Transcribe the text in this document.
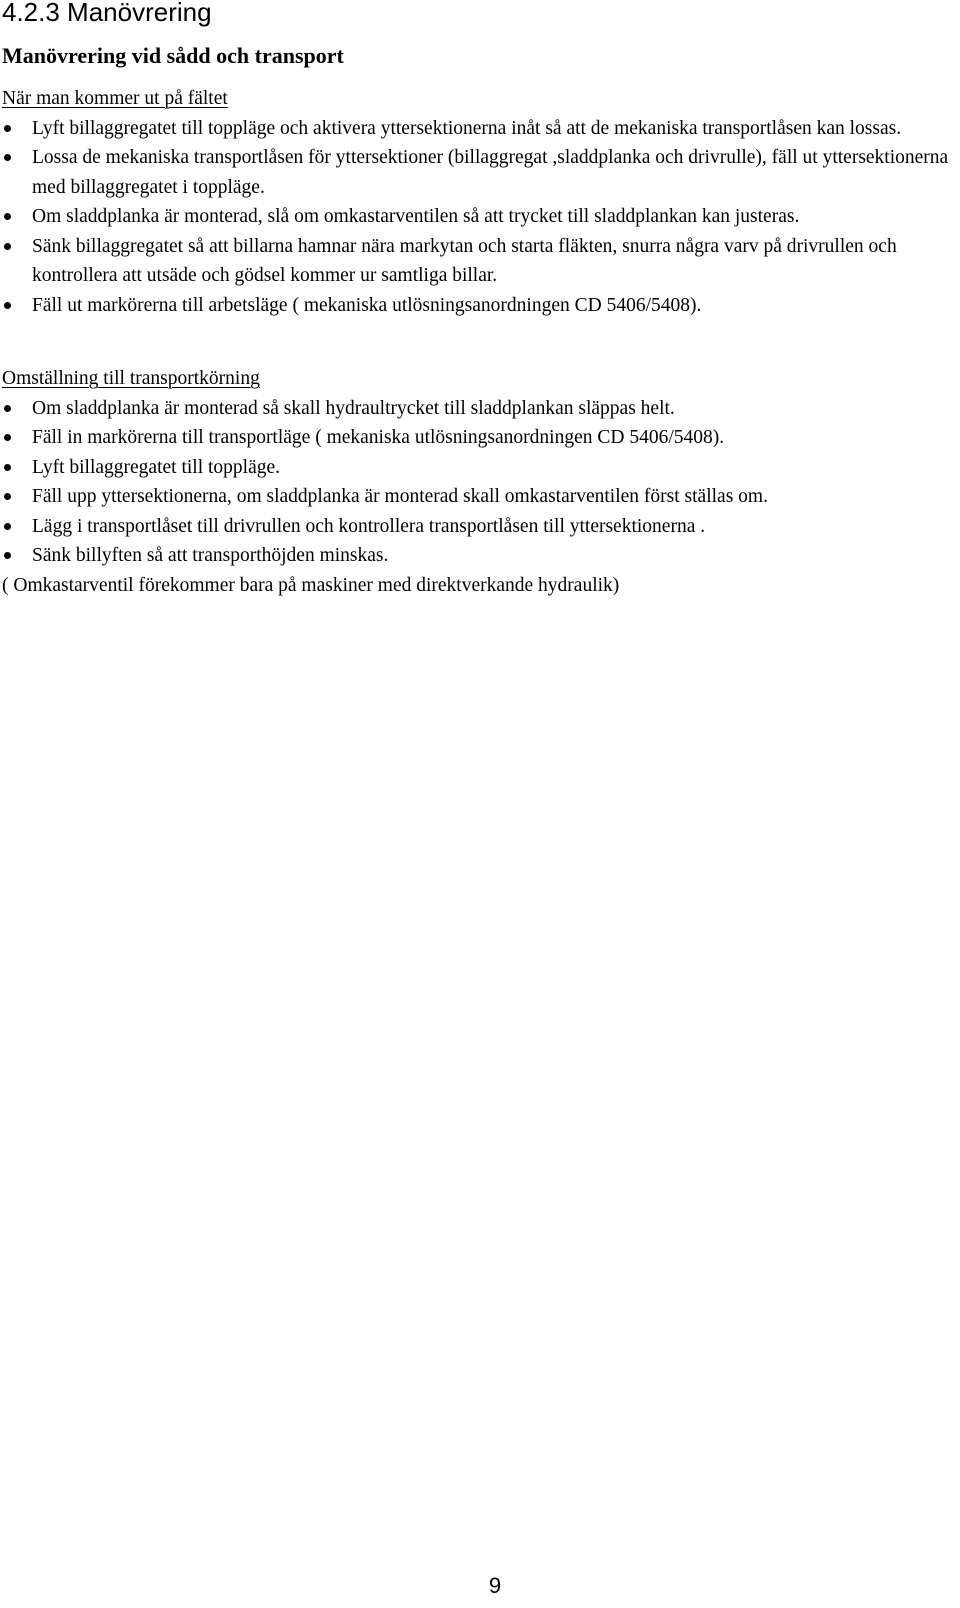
4.2.3 Manövrering
Manövrering vid sådd och transport
När man kommer ut på fältet
Lyft billaggregatet till toppläge och aktivera yttersektionerna inåt så att de mekaniska transportlåsen kan lossas.
Lossa de mekaniska transportlåsen för yttersektioner (billaggregat ,sladdplanka och drivrulle), fäll ut yttersektionerna med billaggregatet i toppläge.
Om sladdplanka är monterad, slå om omkastarventilen så att trycket till sladdplankan kan justeras.
Sänk billaggregatet så att billarna hamnar nära markytan och starta fläkten, snurra några varv på drivrullen och kontrollera att utsäde och gödsel kommer ur samtliga billar.
Fäll ut markörerna till arbetsläge ( mekaniska utlösningsanordningen CD 5406/5408).
Omställning till transportkörning
Om sladdplanka är monterad så skall hydraultrycket till sladdplankan släppas helt.
Fäll in markörerna till transportläge ( mekaniska utlösningsanordningen CD 5406/5408).
Lyft billaggregatet till toppläge.
Fäll upp yttersektionerna, om sladdplanka är monterad skall omkastarventilen först ställas om.
Lägg i transportlåset till drivrullen och kontrollera transportlåsen till yttersektionerna .
Sänk billyften så att transporthöjden minskas.
( Omkastarventil förekommer bara på maskiner med direktverkande hydraulik)
9
